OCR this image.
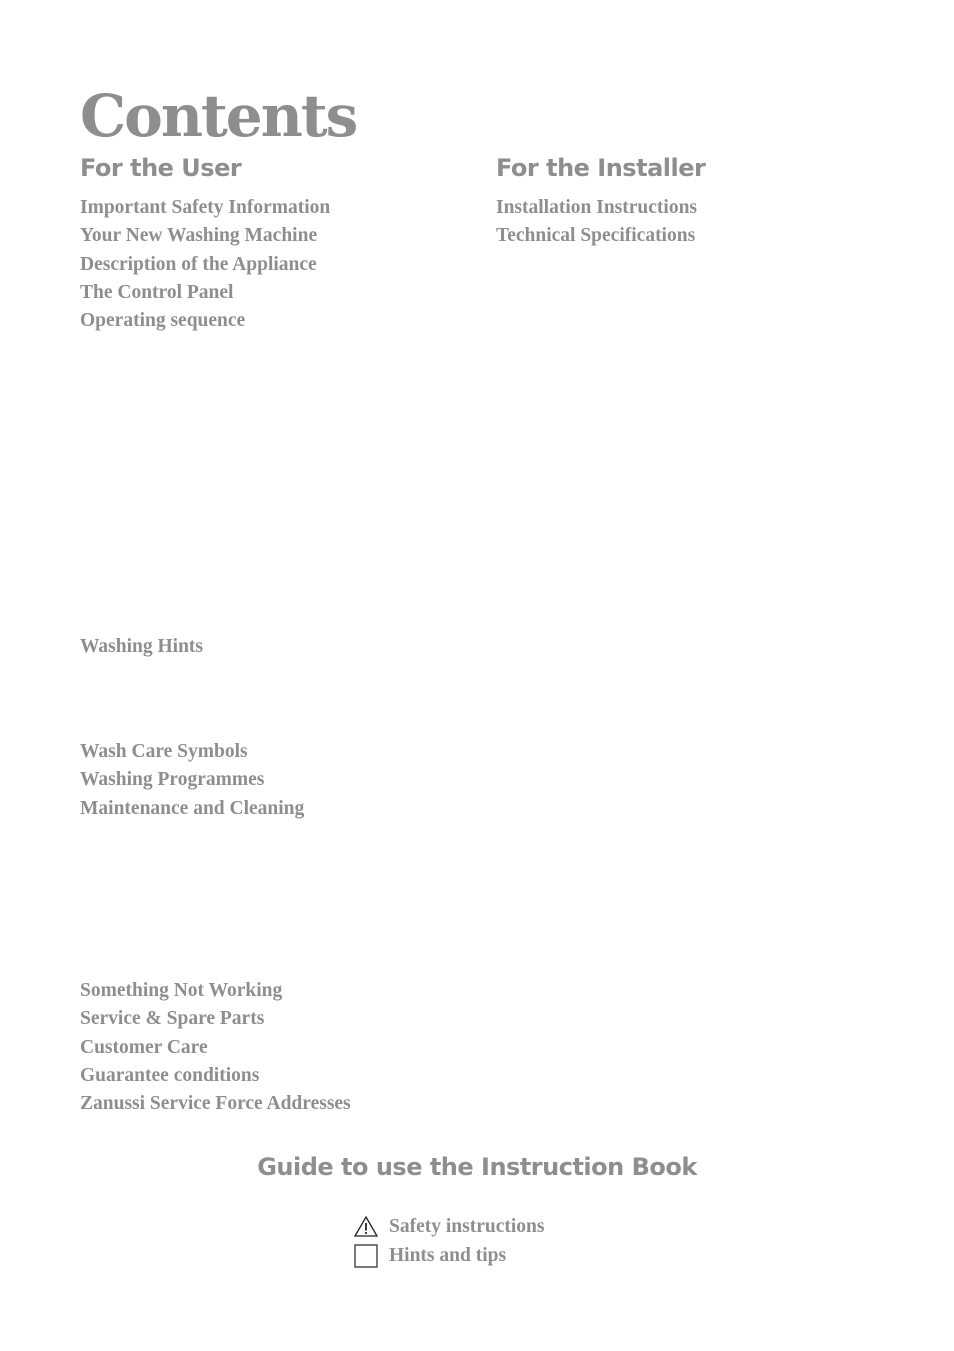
Contents
For the User	For the Installer
Important Safety Information
Your New Washing Machine
Description of the Appliance
The Control Panel
Operating sequence
Installation Instructions
Technical Specifications
Washing Hints
Wash Care Symbols
Washing Programmes
Maintenance and Cleaning
Something Not Working
Service & Spare Parts
Customer Care
Guarantee conditions
Zanussi Service Force Addresses
Guide to use the Instruction Book
Safety instructions
Hints and tips
